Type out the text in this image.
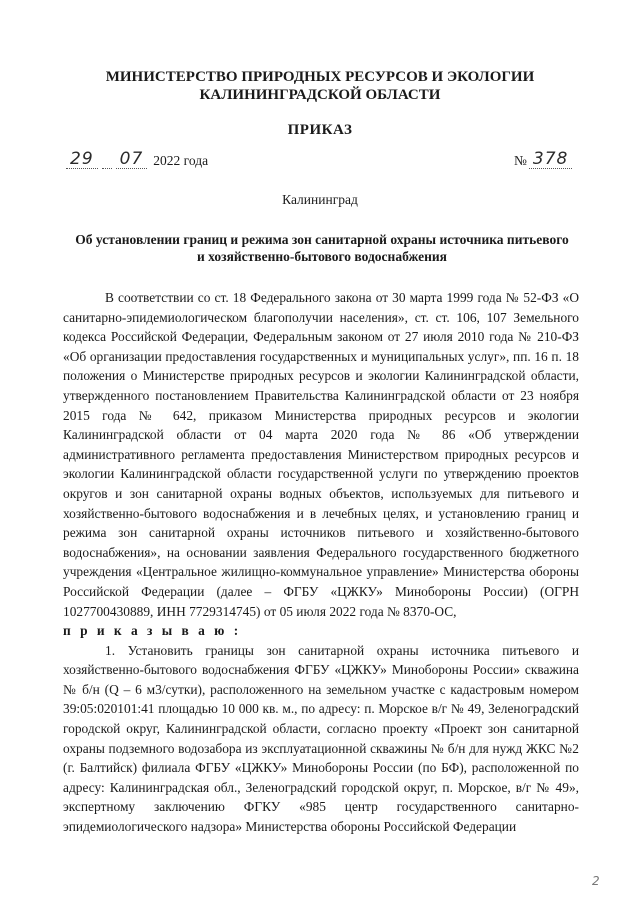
МИНИСТЕРСТВО ПРИРОДНЫХ РЕСУРСОВ И ЭКОЛОГИИ
КАЛИНИНГРАДСКОЙ ОБЛАСТИ
ПРИКАЗ
29 07 2022 года	№ 378
Калининград
Об установлении границ и режима зон санитарной охраны источника питьевого
и хозяйственно-бытового водоснабжения

В соответствии со ст. 18 Федерального закона от 30 марта 1999 года № 52-ФЗ «О санитарно-эпидемиологическом благополучии населения», ст. ст. 106, 107 Земельного кодекса Российской Федерации, Федеральным законом от 27 июля 2010 года № 210-ФЗ «Об организации предоставления государственных и муниципальных услуг», пп. 16 п. 18 положения о Министерстве природных ресурсов и экологии Калининградской области, утвержденного постановлением Правительства Калининградской области от 23 ноября 2015 года № 642, приказом Министерства природных ресурсов и экологии Калининградской области от 04 марта 2020 года № 86 «Об утверждении административного регламента предоставления Министерством природных ресурсов и экологии Калининградской области государственной услуги по утверждению проектов округов и зон санитарной охраны водных объектов, используемых для питьевого и хозяйственно-бытового водоснабжения и в лечебных целях, и установлению границ и режима зон санитарной охраны источников питьевого и хозяйственно-бытового водоснабжения», на основании заявления Федерального государственного бюджетного учреждения «Центральное жилищно-коммунальное управление» Министерства обороны Российской Федерации (далее – ФГБУ «ЦЖКУ» Минобороны России) (ОГРН 1027700430889, ИНН 7729314745) от 05 июля 2022 года № 8370-ОС,

п р и к а з ы в а ю :

1. Установить границы зон санитарной охраны источника питьевого и хозяйственно-бытового водоснабжения ФГБУ «ЦЖКУ» Минобороны России» скважина № б/н (Q – 6 м3/сутки), расположенного на земельном участке с кадастровым номером 39:05:020101:41 площадью 10 000 кв. м., по адресу: п. Морское в/г № 49, Зеленоградский городской округ, Калининградской области, согласно проекту «Проект зон санитарной охраны подземного водозабора из эксплуатационной скважины № б/н для нужд ЖКС №2 (г. Балтийск) филиала ФГБУ «ЦЖКУ» Минобороны России (по БФ), расположенной по адресу: Калининградская обл., Зеленоградский городской округ, п. Морское, в/г № 49», экспертному заключению ФГКУ «985 центр государственного санитарно-эпидемиологического надзора» Министерства обороны Российской Федерации

2
